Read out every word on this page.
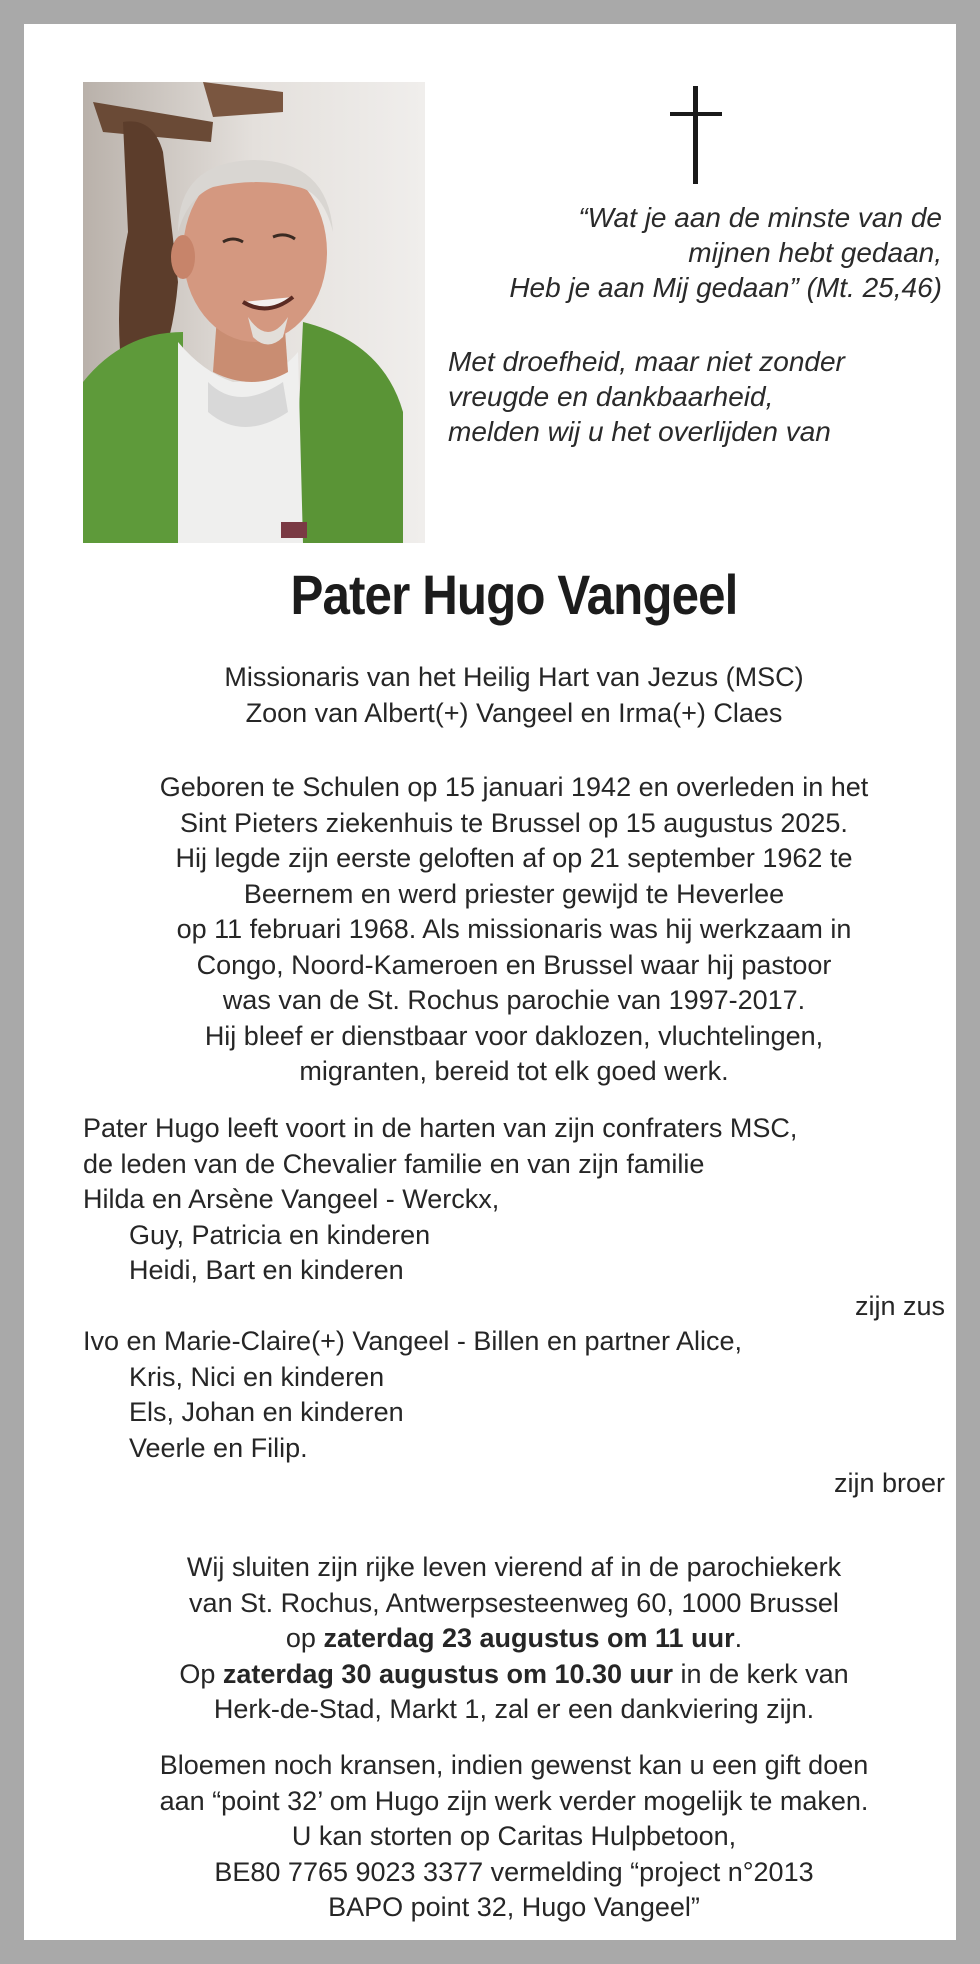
“Wat je aan de minste van de
mijnen hebt gedaan,
Heb je aan Mij gedaan” (Mt. 25,46)
Met droefheid, maar niet zonder
vreugde en dankbaarheid,
melden wij u het overlijden van
Pater Hugo Vangeel
Missionaris van het Heilig Hart van Jezus (MSC)
Zoon van Albert(+) Vangeel en Irma(+) Claes
Geboren te Schulen op 15 januari 1942 en overleden in het
Sint Pieters ziekenhuis te Brussel op 15 augustus 2025.
Hij legde zijn eerste geloften af op 21 september 1962 te
Beernem en werd priester gewijd te Heverlee
op 11 februari 1968. Als missionaris was hij werkzaam in
Congo, Noord-Kameroen en Brussel waar hij pastoor
was van de St. Rochus parochie van 1997-2017.
Hij bleef er dienstbaar voor daklozen, vluchtelingen,
migranten, bereid tot elk goed werk.
Pater Hugo leeft voort in de harten van zijn confraters MSC,
de leden van de Chevalier familie en van zijn familie
Hilda en Arsène Vangeel - Werckx,
Guy, Patricia en kinderen
Heidi, Bart en kinderen
zijn zus
Ivo en Marie-Claire(+) Vangeel - Billen en partner Alice,
Kris, Nici en kinderen
Els, Johan en kinderen
Veerle en Filip.
zijn broer
Wij sluiten zijn rijke leven vierend af in de parochiekerk
van St. Rochus, Antwerpsesteenweg 60, 1000 Brussel
op zaterdag 23 augustus om 11 uur.
Op zaterdag 30 augustus om 10.30 uur in de kerk van
Herk-de-Stad, Markt 1, zal er een dankviering zijn.
Bloemen noch kransen, indien gewenst kan u een gift doen
aan “point 32’ om Hugo zijn werk verder mogelijk te maken.
U kan storten op Caritas Hulpbetoon,
BE80 7765 9023 3377 vermelding “project n°2013
BAPO point 32, Hugo Vangeel”
